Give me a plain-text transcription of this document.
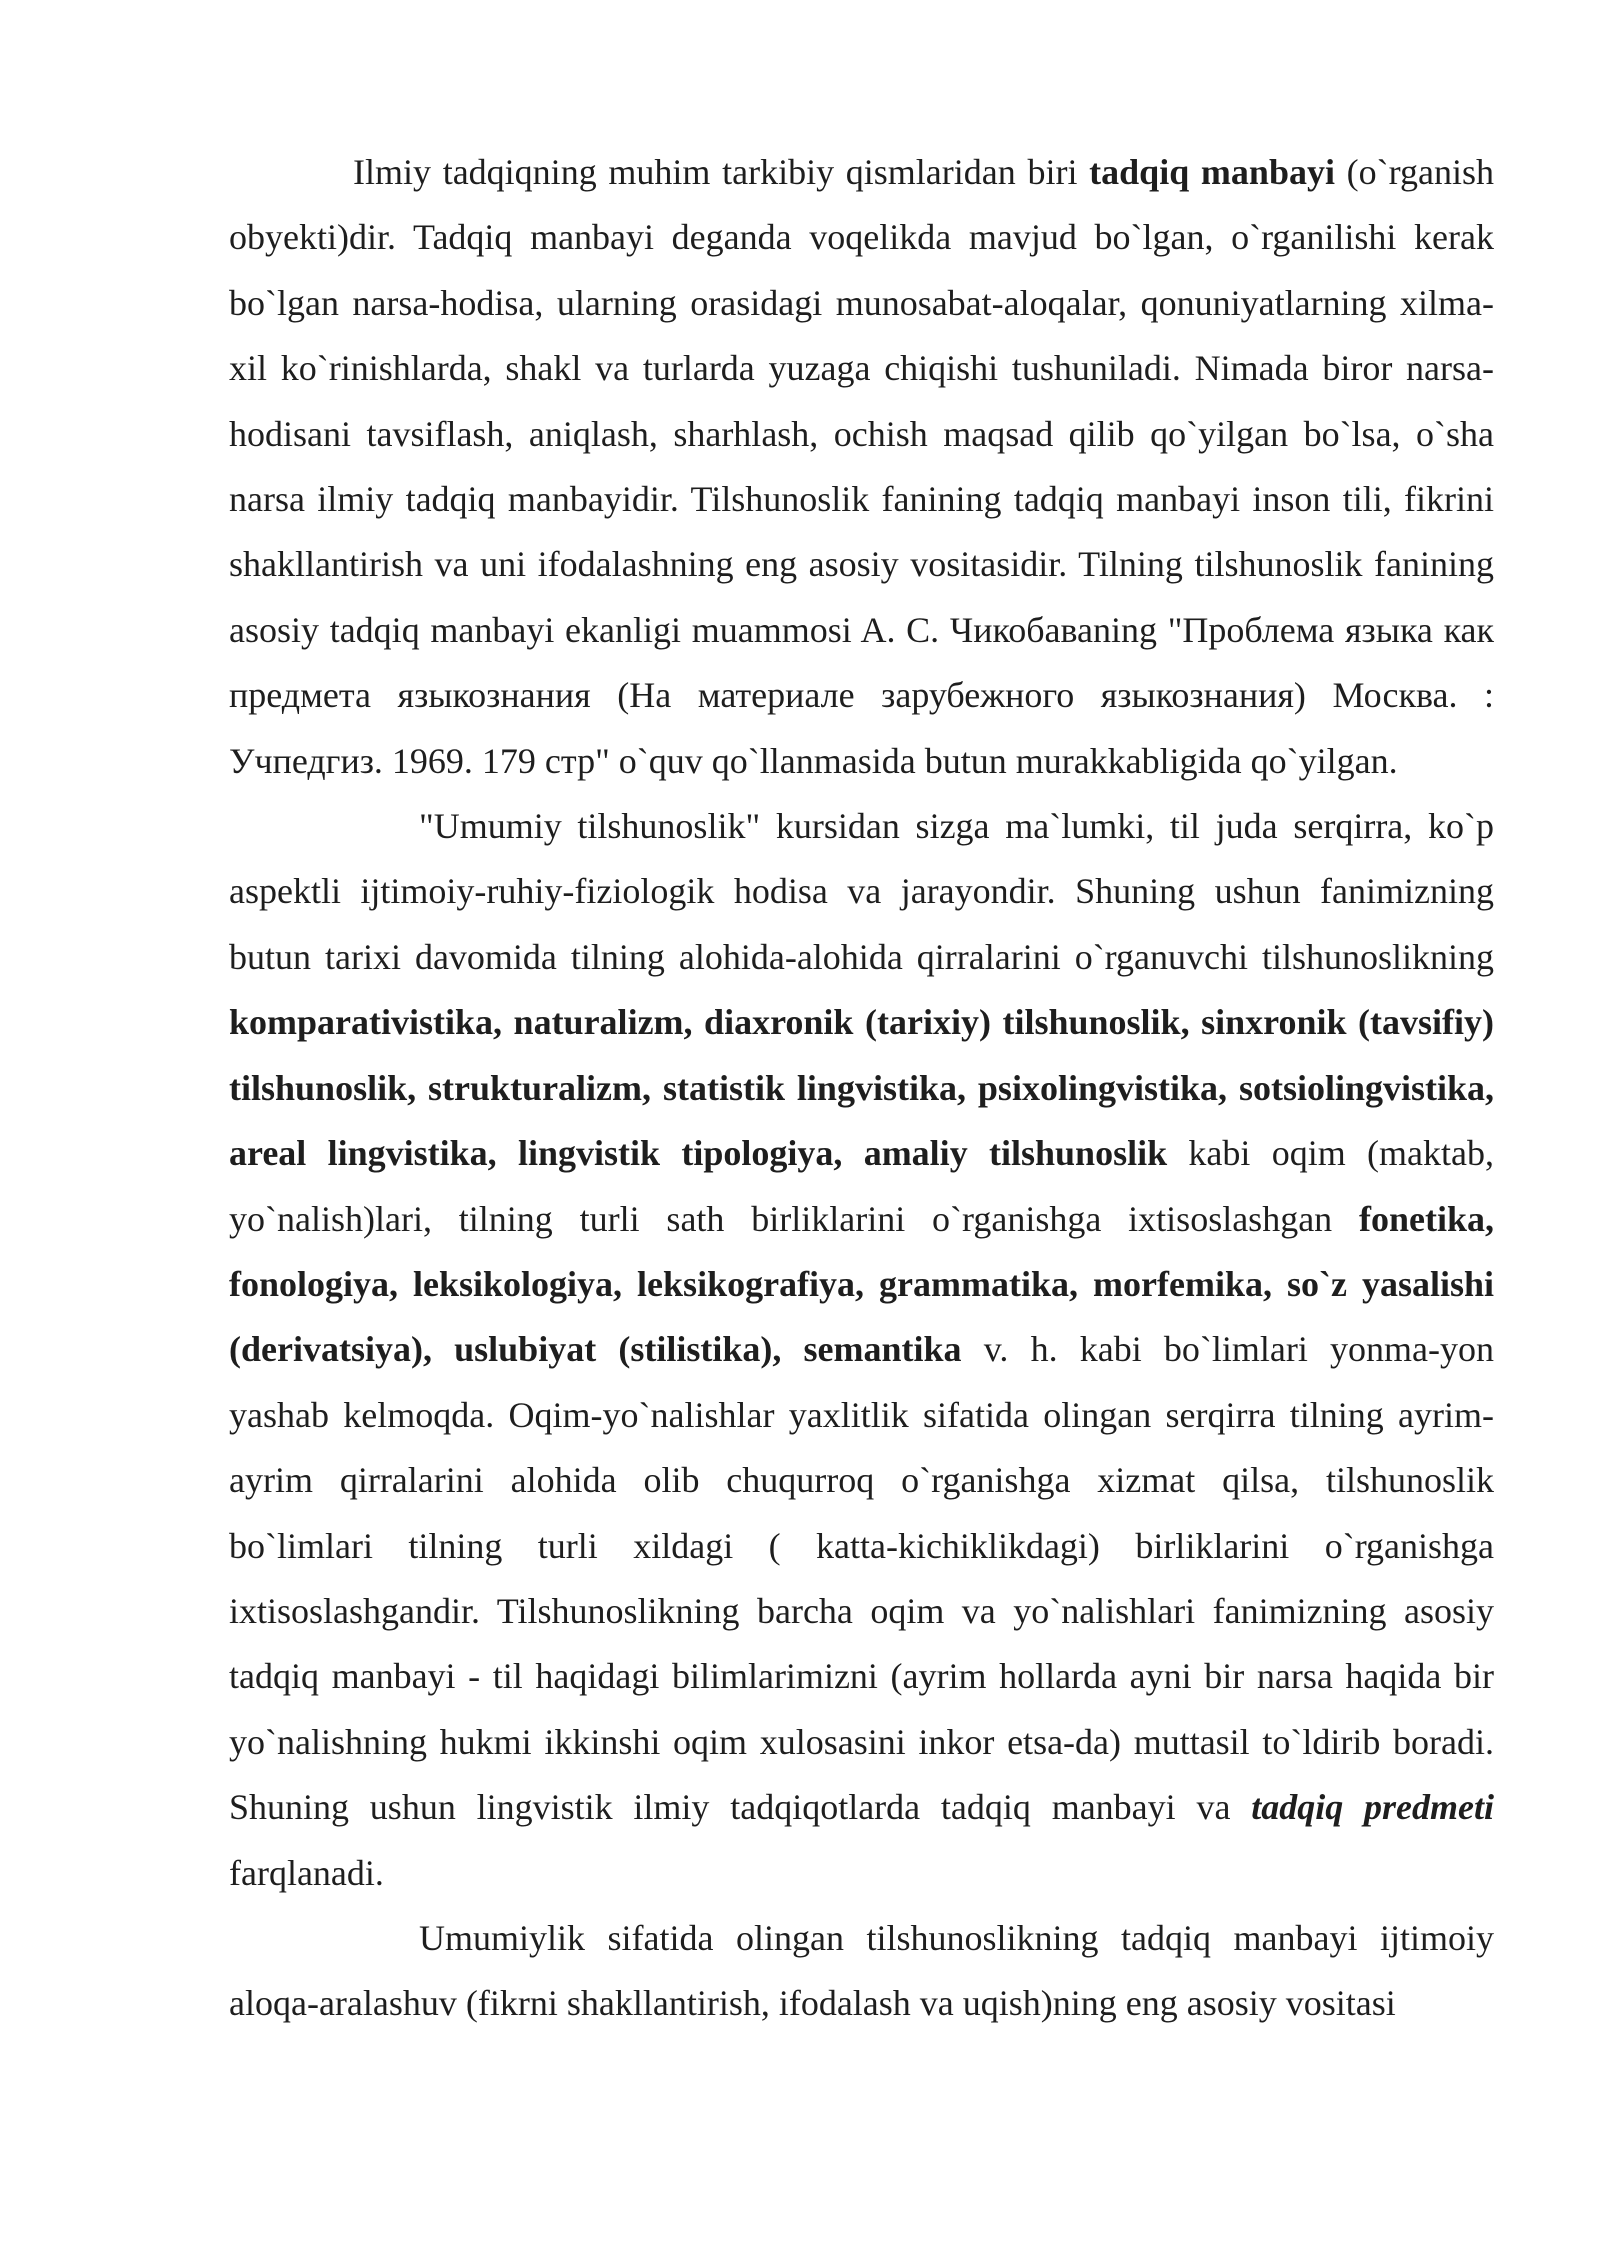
Ilmiy tadqiqning muhim tarkibiy qismlaridan biri tadqiq manbayi (o`rganish obyekti)dir. Tadqiq manbayi deganda voqelikda mavjud bo`lgan, o`rganilishi kerak bo`lgan narsa-hodisa, ularning orasidagi munosabat-aloqalar, qonuniyatlarning xilma-xil ko`rinishlarda, shakl va turlarda yuzaga chiqishi tushuniladi. Nimada biror narsa-hodisani tavsiflash, aniqlash, sharhlash, ochish maqsad qilib qo`yilgan bo`lsa, o`sha narsa ilmiy tadqiq manbayidir. Tilshunoslik fanining tadqiq manbayi inson tili, fikrini shakllantirish va uni ifodalashning eng asosiy vositasidir. Tilning tilshunoslik fanining asosiy tadqiq manbayi ekanligi muammosi A. C. Чикобаваning "Проблема языка как предмета языкознания (На материале зарубежного языкознания) Москва. : Учпедгиз. 1969. 179 стр" o`quv qo`llanmasida butun murakkabligida qo`yilgan.

"Umumiy tilshunoslik" kursidan sizga ma`lumki, til juda serqirra, ko`p aspektli ijtimoiy-ruhiy-fiziologik hodisa va jarayondir. Shuning ushun fanimizning butun tarixi davomida tilning alohida-alohida qirralarini o`rganuvchi tilshunoslikning komparativistika, naturalizm, diaxronik (tarixiy) tilshunoslik, sinxronik (tavsifiy) tilshunoslik, strukturalizm, statistik lingvistika, psixolingvistika, sotsiolingvistika, areal lingvistika, lingvistik tipologiya, amaliy tilshunoslik kabi oqim (maktab, yo`nalish)lari, tilning turli sath birliklarini o`rganishga ixtisoslashgan fonetika, fonologiya, leksikologiya, leksikografiya, grammatika, morfemika, so`z yasalishi (derivatsiya), uslubiyat (stilistika), semantika v. h. kabi bo`limlari yonma-yon yashab kelmoqda. Oqim-yo`nalishlar yaxlitlik sifatida olingan serqirra tilning ayrim-ayrim qirralarini alohida olib chuqurroq o`rganishga xizmat qilsa, tilshunoslik bo`limlari tilning turli xildagi ( katta-kichiklikdagi) birliklarini o`rganishga ixtisoslashgandir. Tilshunoslikning barcha oqim va yo`nalishlari fanimizning asosiy tadqiq manbayi - til haqidagi bilimlarimizni (ayrim hollarda ayni bir narsa haqida bir yo`nalishning hukmi ikkinshi oqim xulosasini inkor etsa-da) muttasil to`ldirib boradi. Shuning ushun lingvistik ilmiy tadqiqotlarda tadqiq manbayi va tadqiq predmeti farqlanadi.

Umumiylik sifatida olingan tilshunoslikning tadqiq manbayi ijtimoiy aloqa-aralashuv (fikrni shakllantirish, ifodalash va uqish)ning eng asosiy vositasi
